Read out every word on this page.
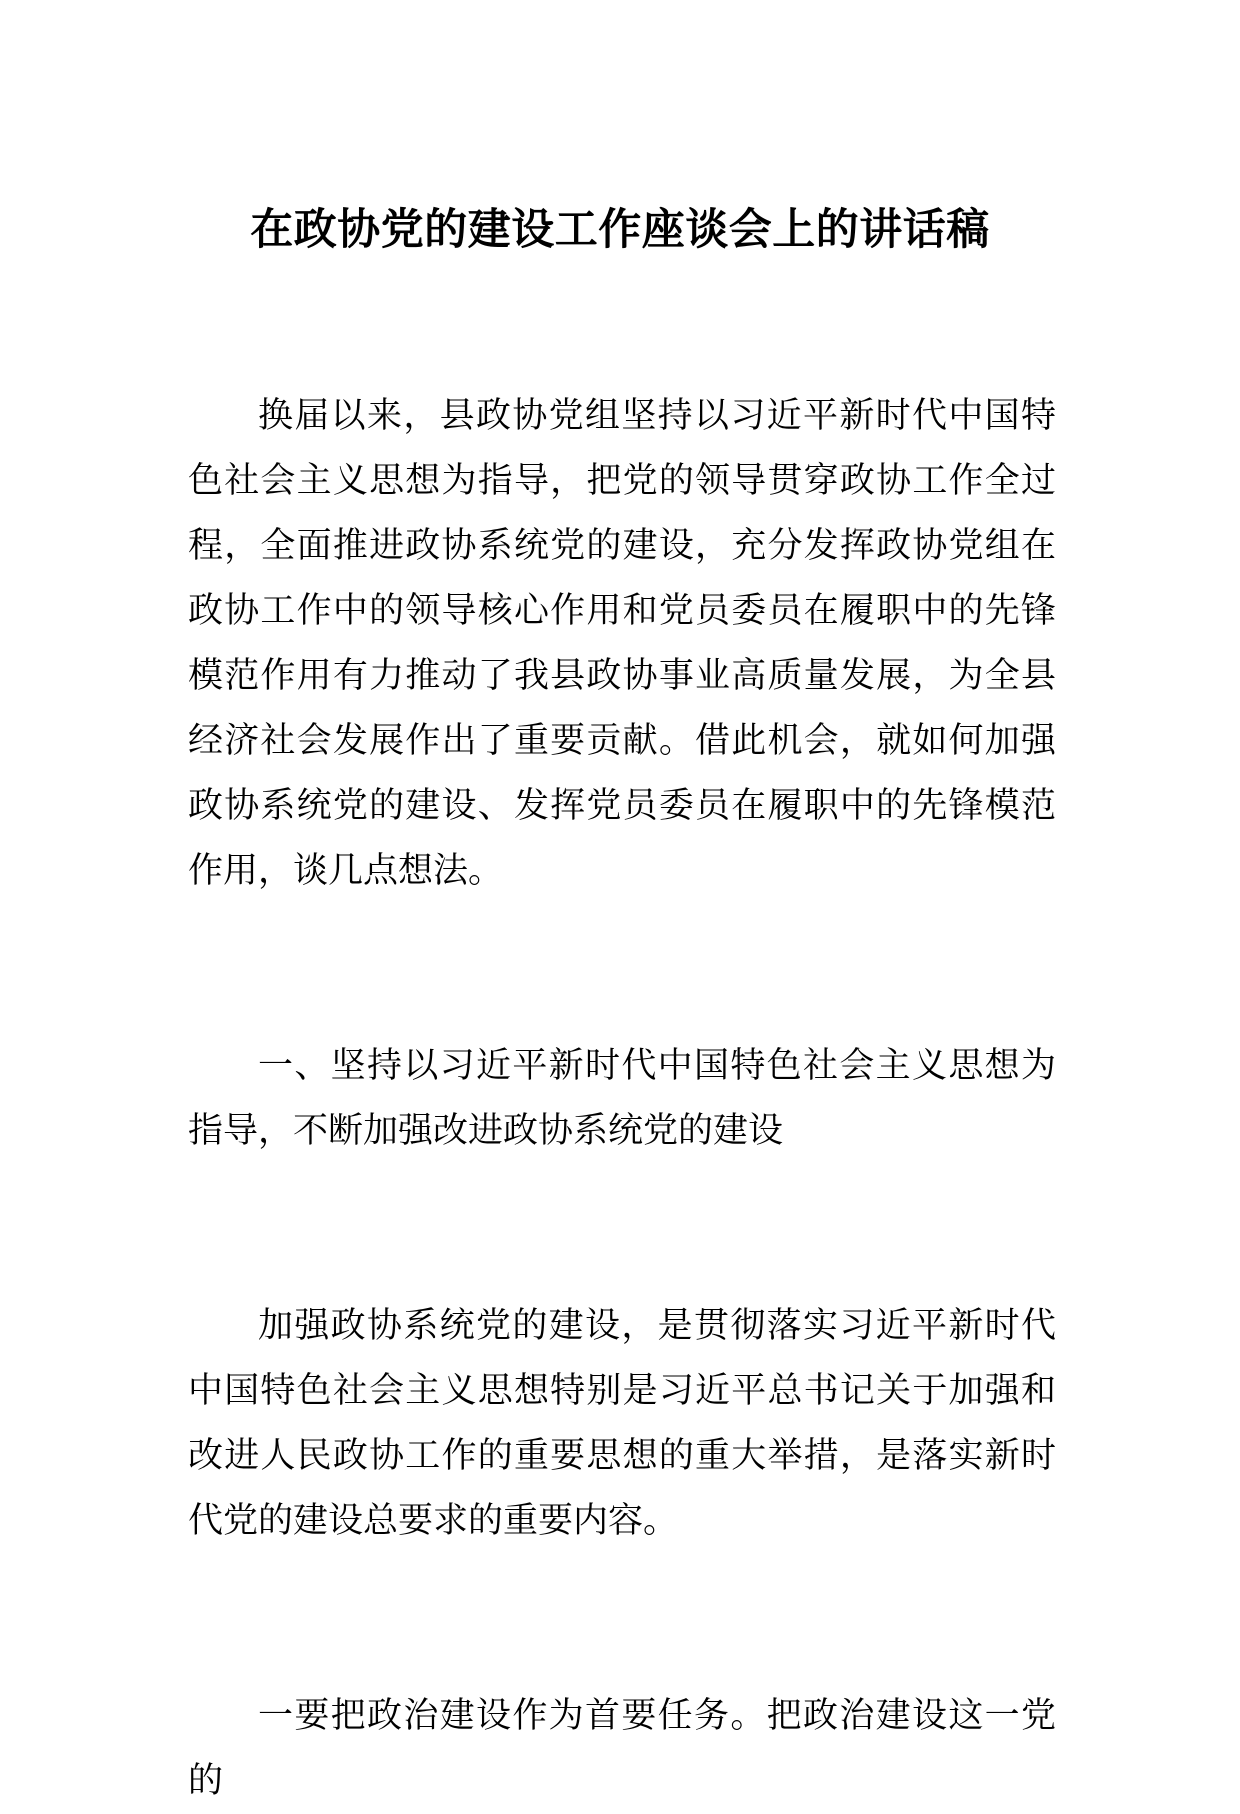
在政协党的建设工作座谈会上的讲话稿

换届以来，县政协党组坚持以习近平新时代中国特色社会主义思想为指导，把党的领导贯穿政协工作全过程，全面推进政协系统党的建设，充分发挥政协党组在政协工作中的领导核心作用和党员委员在履职中的先锋模范作用有力推动了我县政协事业高质量发展，为全县经济社会发展作出了重要贡献。借此机会，就如何加强政协系统党的建设、发挥党员委员在履职中的先锋模范作用，谈几点想法。

一、坚持以习近平新时代中国特色社会主义思想为指导，不断加强改进政协系统党的建设

加强政协系统党的建设，是贯彻落实习近平新时代中国特色社会主义思想特别是习近平总书记关于加强和改进人民政协工作的重要思想的重大举措，是落实新时代党的建设总要求的重要内容。

一要把政治建设作为首要任务。把政治建设这一党的
